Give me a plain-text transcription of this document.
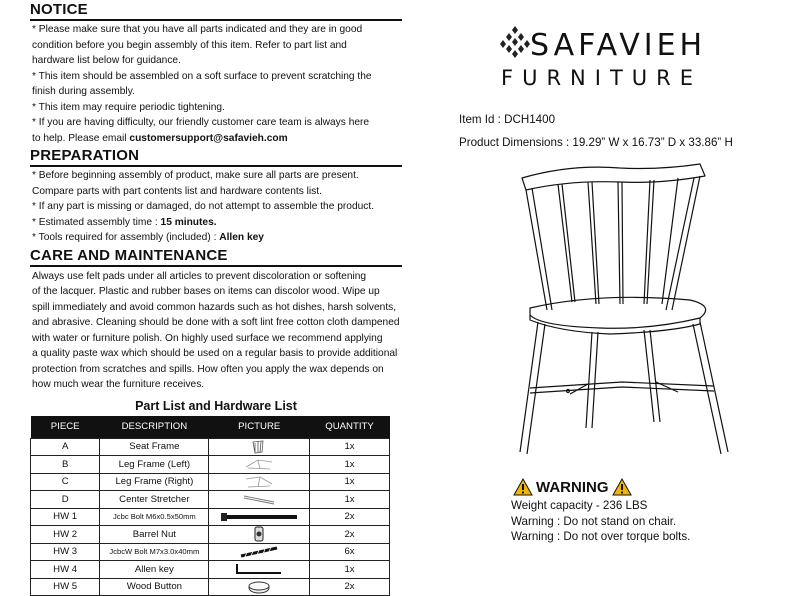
NOTICE

* Please make sure that you have all parts indicated and they are in good

condition before you begin assembly of this item. Refer to part list and

hardware list below for guidance.

* This item should be assembled on a soft surface to prevent scratching the

finish during assembly.

* This item may require periodic tightening.

* If you are having difficulty, our friendly customer care team is always here

to help. Please email customersupport@safavieh.com

PREPARATION

* Before beginning assembly of product, make sure all parts are present.

Compare parts with part contents list and hardware contents list.

* If any part is missing or damaged, do not attempt to assemble the product.

* Estimated assembly time : 15 minutes.

* Tools required for assembly (included) : Allen key

CARE AND MAINTENANCE
Always use felt pads under all articles to prevent discoloration or softening
of the lacquer. Plastic and rubber bases on items can discolor wood. Wipe up
spill immediately and avoid common hazards such as hot dishes, harsh solvents,
and abrasive. Cleaning should be done with a soft lint free cotton cloth dampened
with water or furniture polish. On highly used surface we recommend applying
a quality paste wax which should be used on a regular basis to provide additional
protection from scratches and spills. How often you apply the wax depends on
how much wear the furniture receives.
Part List and Hardware List
PIECE	DESCRIPTION	PICTURE	QUANTITY
A	Seat Frame		1x
B	Leg Frame (Left)		1x
C	Leg Frame (Right)		1x
D	Center Stretcher		1x
HW 1	Jcbc Bolt M6x0.5x50mm		2x
HW 2	Barrel Nut		2x
HW 3	JcbcW Bolt M7x3.0x40mm		6x
HW 4	Allen key		1x
HW 5	Wood Button		2x
SAFAVIEH
FURNITURE
Item Id : DCH1400
Product Dimensions : 19.29” W x 16.73” D x 33.86” H
WARNING
Weight capacity - 236 LBS
Warning : Do not stand on chair.
Warning : Do not over torque bolts.
